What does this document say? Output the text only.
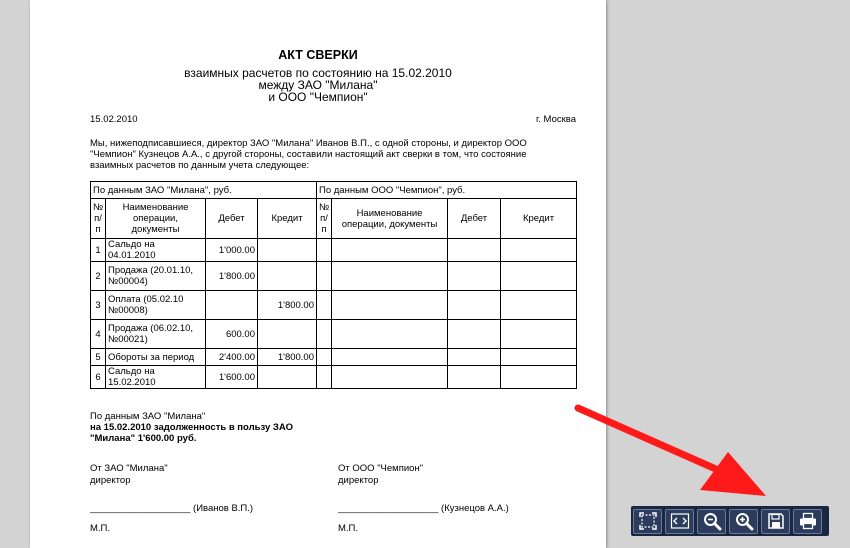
АКТ СВЕРКИ
взаимных расчетов по состоянию на 15.02.2010
между ЗАО "Милана"
и ООО "Чемпион"
15.02.2010	г. Москва
Мы, нижеподписавшиеся, директор ЗАО "Милана" Иванов В.П., с одной стороны, и директор ООО
"Чемпион" Кузнецов А.А., с другой стороны, составили настоящий акт сверки в том, что состояние
взаимных расчетов по данным учета следующее:
По данным ЗАО "Милана", руб.				По данным ООО "Чемпион", руб.			
№ п/п	Наименование операции, документы	Дебет	Кредит	№ п/п	Наименование операции, документы	Дебет	Кредит
1	Сальдо на 04.01.2010	1'000.00					
2	Продажа (20.01.10, №00004)	1'800.00					
3	Оплата (05.02.10 №00008)		1'800.00				
4	Продажа (06.02.10, №00021)	600.00					
5	Обороты за период	2'400.00	1'800.00				
6	Сальдо на 15.02.2010	1'600.00					
По данным ЗАО "Милана"
на 15.02.2010 задолженность в пользу ЗАО
"Милана" 1'600.00 руб.
От ЗАО "Милана"
директор
___________________ (Иванов В.П.)
М.П.
От ООО "Чемпион"
директор
___________________ (Кузнецов А.А.)
М.П.
